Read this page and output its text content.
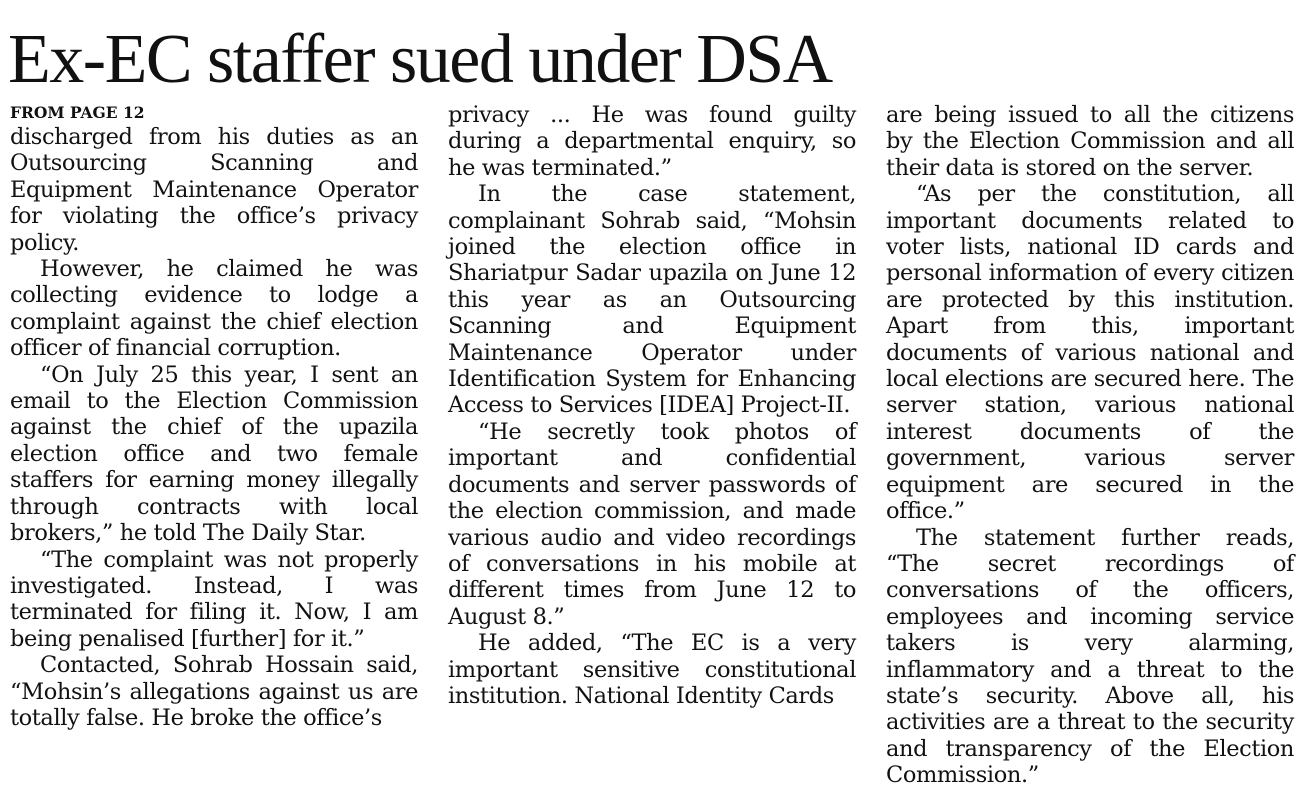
Ex-EC staffer sued under DSA
FROM PAGE 12

discharged from his duties as an Outsourcing Scanning and Equipment Maintenance Operator for violating the office’s privacy policy.

However, he claimed he was collecting evidence to lodge a complaint against the chief election officer of financial corruption.

“On July 25 this year, I sent an email to the Election Commission against the chief of the upazila election office and two female staffers for earning money illegally through contracts with local brokers,” he told The Daily Star.

“The complaint was not properly investigated. Instead, I was terminated for filing it. Now, I am being penalised [further] for it.”

Contacted, Sohrab Hossain said, “Mohsin’s allegations against us are totally false. He broke the office’s

privacy ... He was found guilty during a departmental enquiry, so he was terminated.”

In the case statement, complainant Sohrab said, “Mohsin joined the election office in Shariatpur Sadar upazila on June 12 this year as an Outsourcing Scanning and Equipment Maintenance Operator under Identification System for Enhancing Access to Services [IDEA] Project-II.

“He secretly took photos of important and confidential documents and server passwords of the election commission, and made various audio and video recordings of conversations in his mobile at different times from June 12 to August 8.”

He added, “The EC is a very important sensitive constitutional institution. National Identity Cards

are being issued to all the citizens by the Election Commission and all their data is stored on the server.

“As per the constitution, all important documents related to voter lists, national ID cards and personal information of every citizen are protected by this institution. Apart from this, important documents of various national and local elections are secured here. The server station, various national interest documents of the government, various server equipment are secured in the office.”

The statement further reads, “The secret recordings of conversations of the officers, employees and incoming service takers is very alarming, inflammatory and a threat to the state’s security. Above all, his activities are a threat to the security and transparency of the Election Commission.”
